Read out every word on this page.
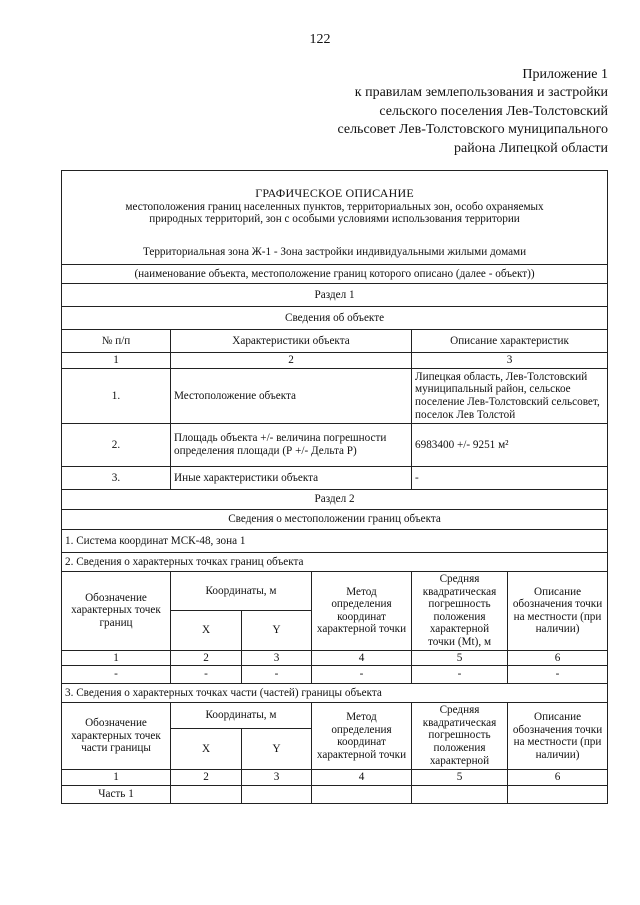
122
Приложение 1
к правилам землепользования и застройки
сельского поселения Лев-Толстовский
сельсовет Лев-Толстовского муниципального
района Липецкой области
ГРАФИЧЕСКОЕ ОПИСАНИЕ
местоположения границ населенных пунктов, территориальных зон, особо охраняемых
природных территорий, зон с особыми условиями использования территории
Территориальная зона Ж-1 - Зона застройки индивидуальными жилыми домами					

(наименование объекта, местоположение границ которого описано (далее - объект))					
Раздел 1					
Сведения об объекте					
№ п/п	Характеристики объекта			Описание характеристик	
1	2			3	
1.	Местоположение объекта			Липецкая область, Лев-Толстовский муниципальный район, сельское поселение Лев-Толстовский сельсовет, поселок Лев Толстой	
2.	Площадь объекта +/- величина погрешности определения площади (Р +/- Дельта Р)			6983400 +/- 9251 м²	
3.	Иные характеристики объекта			-	
Раздел 2					
Сведения о местоположении границ объекта					
1. Система координат МСК-48, зона 1					
2. Сведения о характерных точках границ объекта					
Обозначение характерных точек границ	Координаты, м		Метод определения координат характерной точки	Средняя квадратическая погрешность положения характерной точки (Mt), м	Описание обозначения точки на местности (при наличии)
	X	Y			
1	2	3	4	5	6
-	-	-	-	-	-
3. Сведения о характерных точках части (частей) границы объекта					
Обозначение характерных точек части границы	Координаты, м		Метод определения координат характерной точки	Средняя квадратическая погрешность положения характерной	Описание обозначения точки на местности (при наличии)
	X	Y			
1	2	3	4	5	6
Часть 1					
